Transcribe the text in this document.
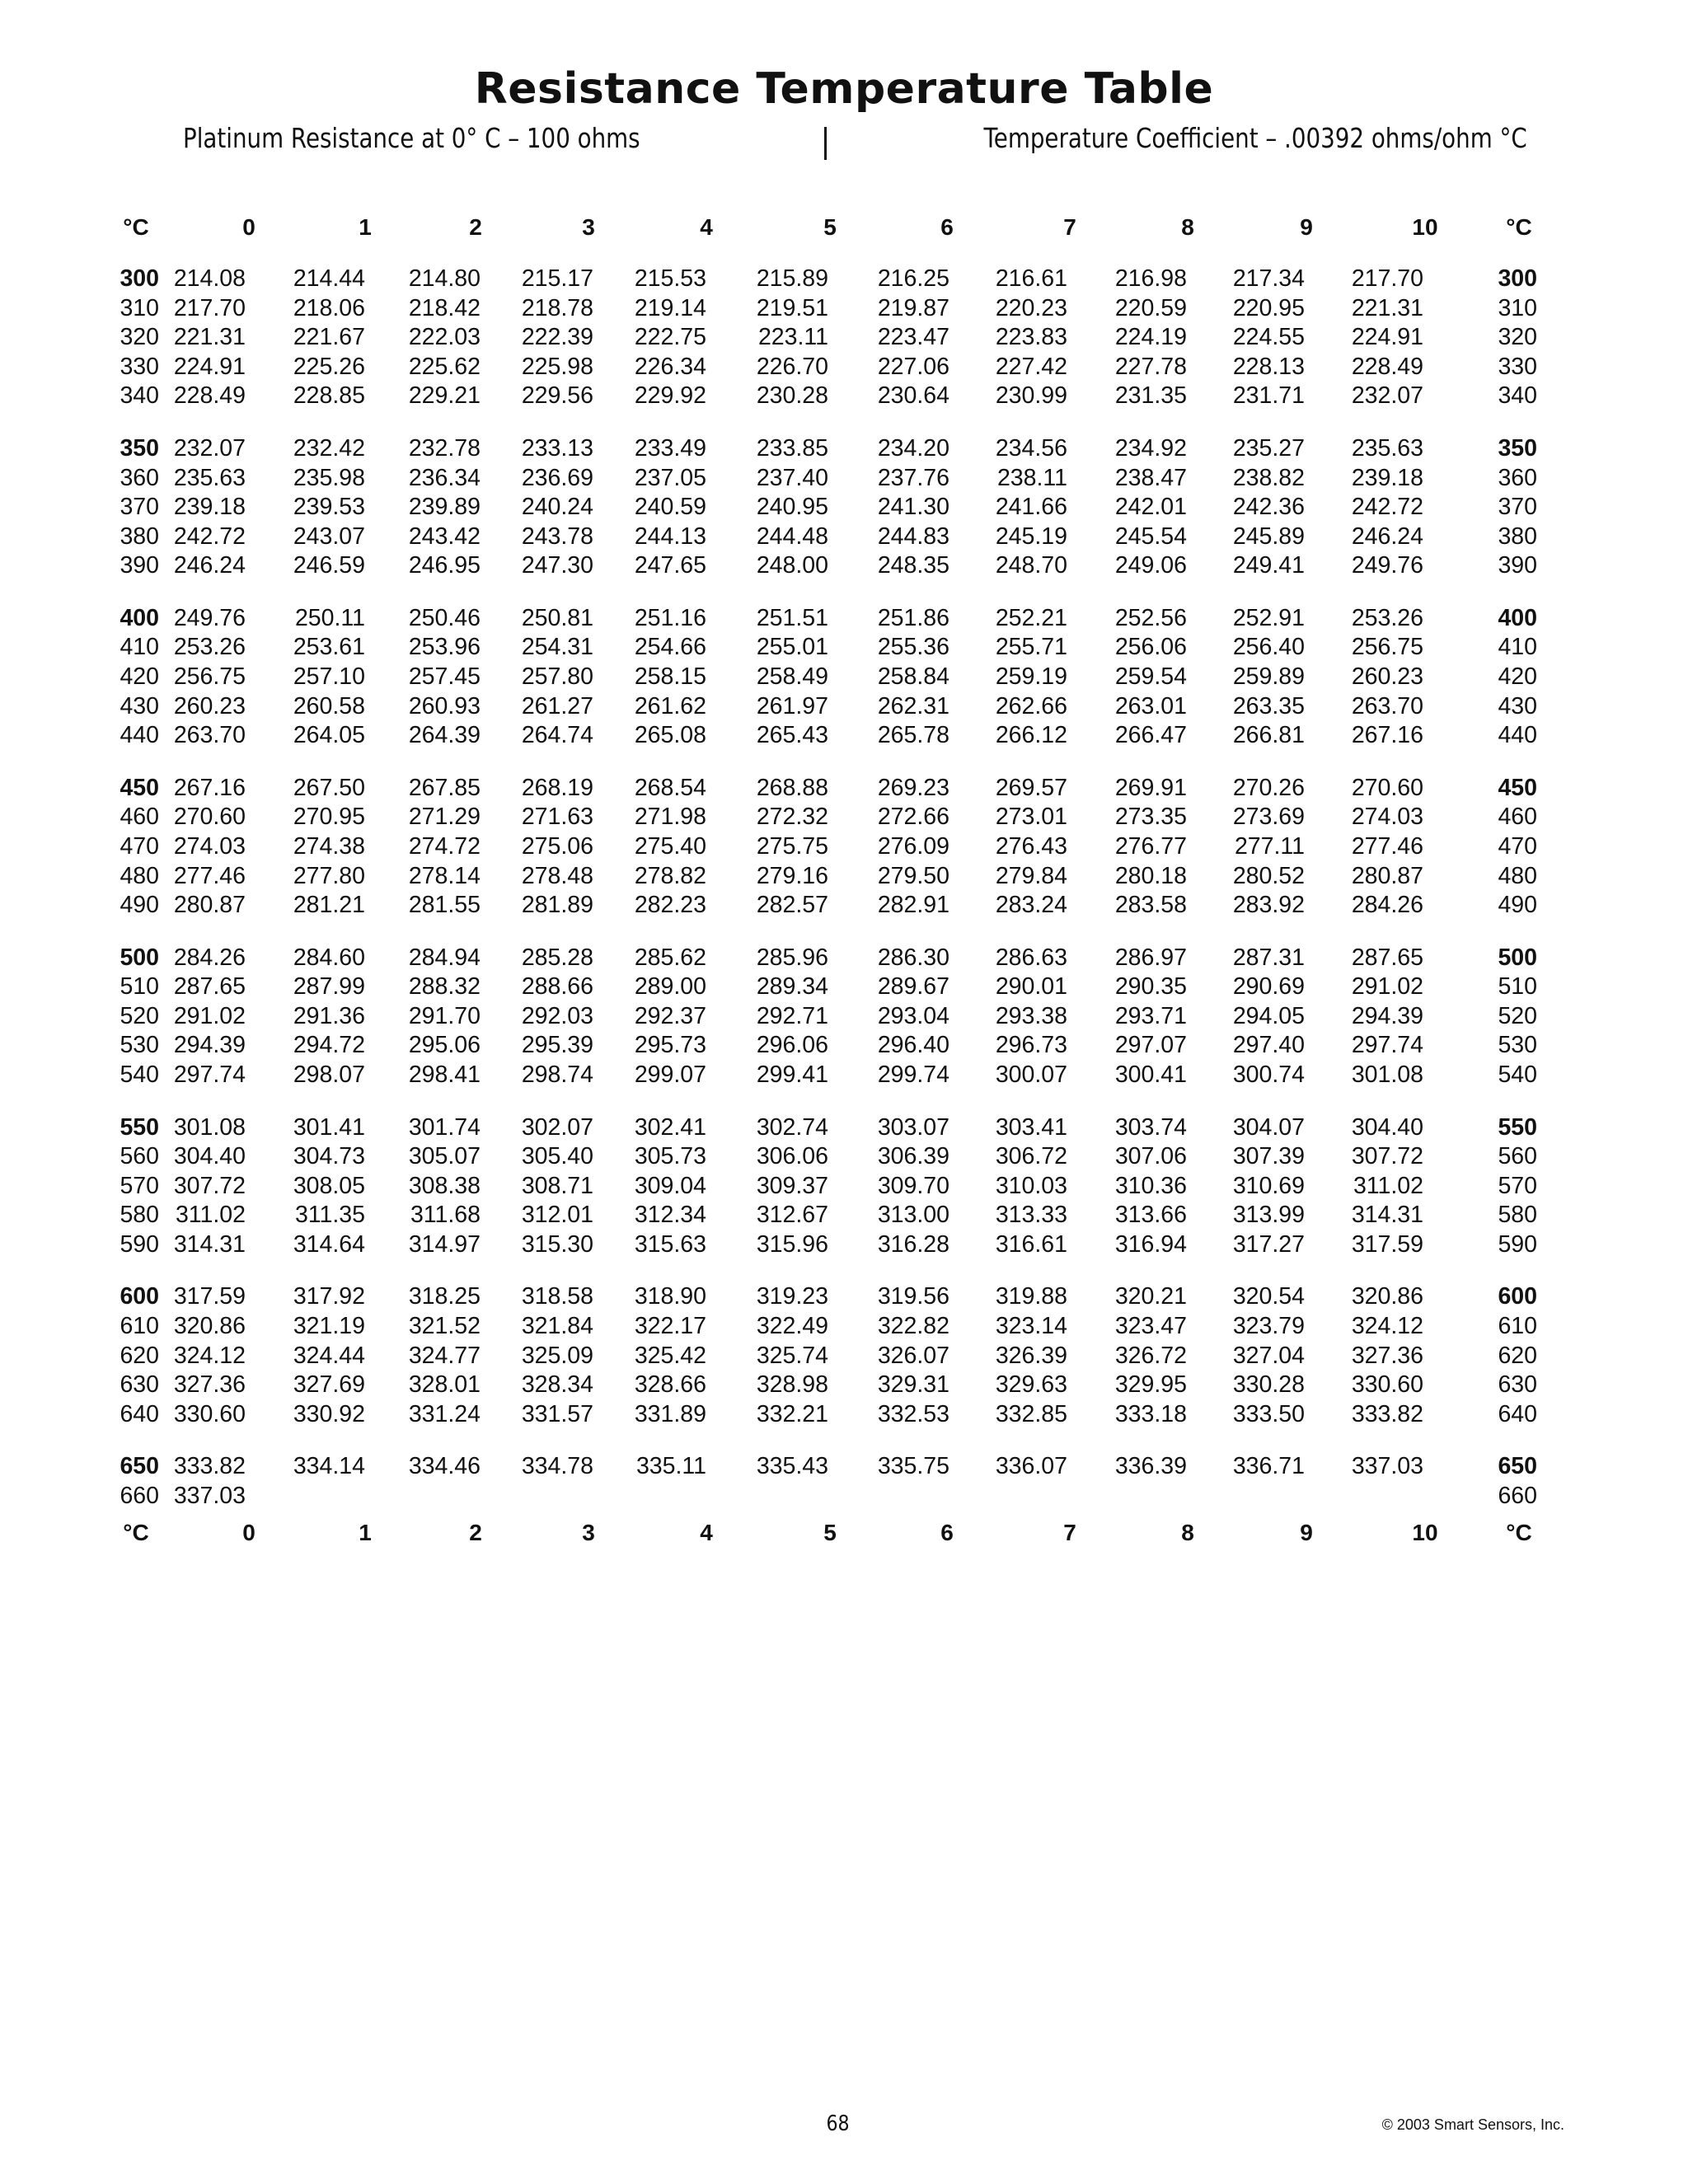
Resistance Temperature Table
Platinum Resistance at 0° C – 100 ohms	Temperature Coefficient – .00392 ohms/ohm °C
°C	0	1	2	3	4	5	6	7	8	9	10	°C
300 214.08 214.44 214.80 215.17 215.53 215.89 216.25 216.61 216.98 217.34 217.70	300
310 217.70 218.06 218.42 218.78 219.14 219.51 219.87 220.23 220.59 220.95 221.31	310
320 221.31 221.67 222.03 222.39 222.75 223.11 223.47 223.83 224.19 224.55 224.91	320
330 224.91 225.26 225.62 225.98 226.34 226.70 227.06 227.42 227.78 228.13 228.49	330
340 228.49 228.85 229.21 229.56 229.92 230.28 230.64 230.99 231.35 231.71 232.07	340
350 232.07 232.42 232.78 233.13 233.49 233.85 234.20 234.56 234.92 235.27 235.63	350
360 235.63 235.98 236.34 236.69 237.05 237.40 237.76 238.11 238.47 238.82 239.18	360
370 239.18 239.53 239.89 240.24 240.59 240.95 241.30 241.66 242.01 242.36 242.72	370
380 242.72 243.07 243.42 243.78 244.13 244.48 244.83 245.19 245.54 245.89 246.24	380
390 246.24 246.59 246.95 247.30 247.65 248.00 248.35 248.70 249.06 249.41 249.76	390
400 249.76 250.11 250.46 250.81 251.16 251.51 251.86 252.21 252.56 252.91 253.26	400
410 253.26 253.61 253.96 254.31 254.66 255.01 255.36 255.71 256.06 256.40 256.75	410
420 256.75 257.10 257.45 257.80 258.15 258.49 258.84 259.19 259.54 259.89 260.23	420
430 260.23 260.58 260.93 261.27 261.62 261.97 262.31 262.66 263.01 263.35 263.70	430
440 263.70 264.05 264.39 264.74 265.08 265.43 265.78 266.12 266.47 266.81 267.16	440
450 267.16 267.50 267.85 268.19 268.54 268.88 269.23 269.57 269.91 270.26 270.60	450
460 270.60 270.95 271.29 271.63 271.98 272.32 272.66 273.01 273.35 273.69 274.03	460
470 274.03 274.38 274.72 275.06 275.40 275.75 276.09 276.43 276.77 277.11 277.46	470
480 277.46 277.80 278.14 278.48 278.82 279.16 279.50 279.84 280.18 280.52 280.87	480
490 280.87 281.21 281.55 281.89 282.23 282.57 282.91 283.24 283.58 283.92 284.26	490
500 284.26 284.60 284.94 285.28 285.62 285.96 286.30 286.63 286.97 287.31 287.65	500
510 287.65 287.99 288.32 288.66 289.00 289.34 289.67 290.01 290.35 290.69 291.02	510
520 291.02 291.36 291.70 292.03 292.37 292.71 293.04 293.38 293.71 294.05 294.39	520
530 294.39 294.72 295.06 295.39 295.73 296.06 296.40 296.73 297.07 297.40 297.74	530
540 297.74 298.07 298.41 298.74 299.07 299.41 299.74 300.07 300.41 300.74 301.08	540
550 301.08 301.41 301.74 302.07 302.41 302.74 303.07 303.41 303.74 304.07 304.40	550
560 304.40 304.73 305.07 305.40 305.73 306.06 306.39 306.72 307.06 307.39 307.72	560
570 307.72 308.05 308.38 308.71 309.04 309.37 309.70 310.03 310.36 310.69 311.02	570
580 311.02 311.35 311.68 312.01 312.34 312.67 313.00 313.33 313.66 313.99 314.31	580
590 314.31 314.64 314.97 315.30 315.63 315.96 316.28 316.61 316.94 317.27 317.59	590
600 317.59 317.92 318.25 318.58 318.90 319.23 319.56 319.88 320.21 320.54 320.86	600
610 320.86 321.19 321.52 321.84 322.17 322.49 322.82 323.14 323.47 323.79 324.12	610
620 324.12 324.44 324.77 325.09 325.42 325.74 326.07 326.39 326.72 327.04 327.36	620
630 327.36 327.69 328.01 328.34 328.66 328.98 329.31 329.63 329.95 330.28 330.60	630
640 330.60 330.92 331.24 331.57 331.89 332.21 332.53 332.85 333.18 333.50 333.82	640
650 333.82 334.14 334.46 334.78 335.11 335.43 335.75 336.07 336.39 336.71 337.03	650
660 337.03	660
°C	0	1	2	3	4	5	6	7	8	9	10	°C
68	© 2003 Smart Sensors, Inc.
